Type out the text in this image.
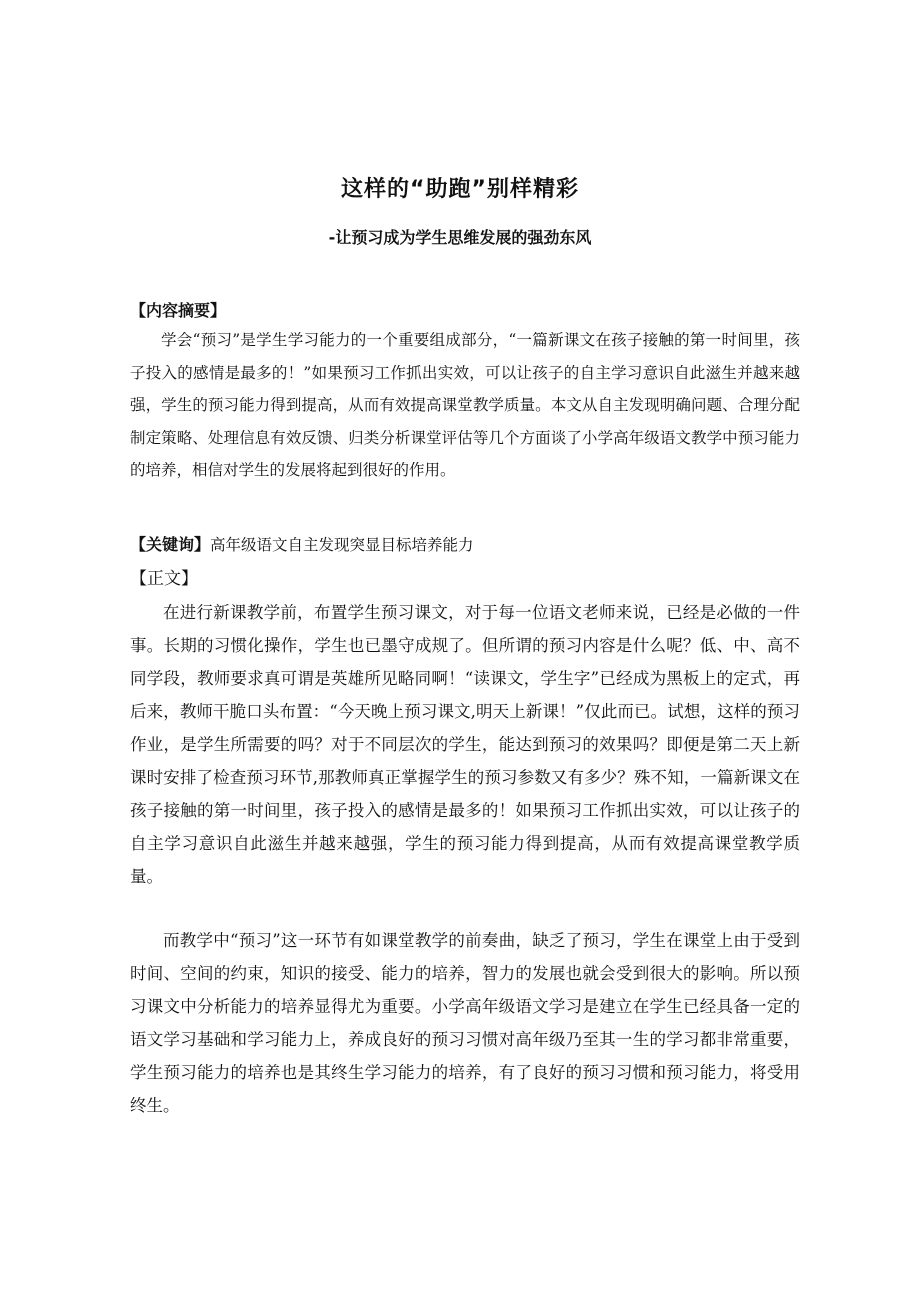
这样的“助跑”别样精彩
-让预习成为学生思维发展的强劲东风
【内容摘要】

学会“预习”是学生学习能力的一个重要组成部分，“一篇新课文在孩子接触的第一时间里，孩子投入的感情是最多的！”如果预习工作抓出实效，可以让孩子的自主学习意识自此滋生并越来越强，学生的预习能力得到提高，从而有效提高课堂教学质量。本文从自主发现明确问题、合理分配制定策略、处理信息有效反馈、归类分析课堂评估等几个方面谈了小学高年级语文教学中预习能力的培养，相信对学生的发展将起到很好的作用。

【关键询】高年级语文自主发现突显目标培养能力
【正文】

在进行新课教学前，布置学生预习课文，对于每一位语文老师来说，已经是必做的一件事。长期的习惯化操作，学生也已墨守成规了。但所谓的预习内容是什么呢？低、中、高不同学段，教师要求真可谓是英雄所见略同啊！“读课文，学生字”已经成为黑板上的定式，再后来，教师干脆口头布置：“今天晚上预习课文,明天上新课！”仅此而已。试想，这样的预习作业，是学生所需要的吗？对于不同层次的学生，能达到预习的效果吗？即便是第二天上新课时安排了检查预习环节,那教师真正掌握学生的预习参数又有多少？殊不知，一篇新课文在孩子接触的第一时间里，孩子投入的感情是最多的！如果预习工作抓出实效，可以让孩子的自主学习意识自此滋生并越来越强，学生的预习能力得到提高，从而有效提高课堂教学质量。

而教学中“预习”这一环节有如课堂教学的前奏曲，缺乏了预习，学生在课堂上由于受到时间、空间的约束，知识的接受、能力的培养，智力的发展也就会受到很大的影响。所以预习课文中分析能力的培养显得尤为重要。小学高年级语文学习是建立在学生已经具备一定的语文学习基础和学习能力上，养成良好的预习习惯对高年级乃至其一生的学习都非常重要，学生预习能力的培养也是其终生学习能力的培养，有了良好的预习习惯和预习能力，将受用终生。
